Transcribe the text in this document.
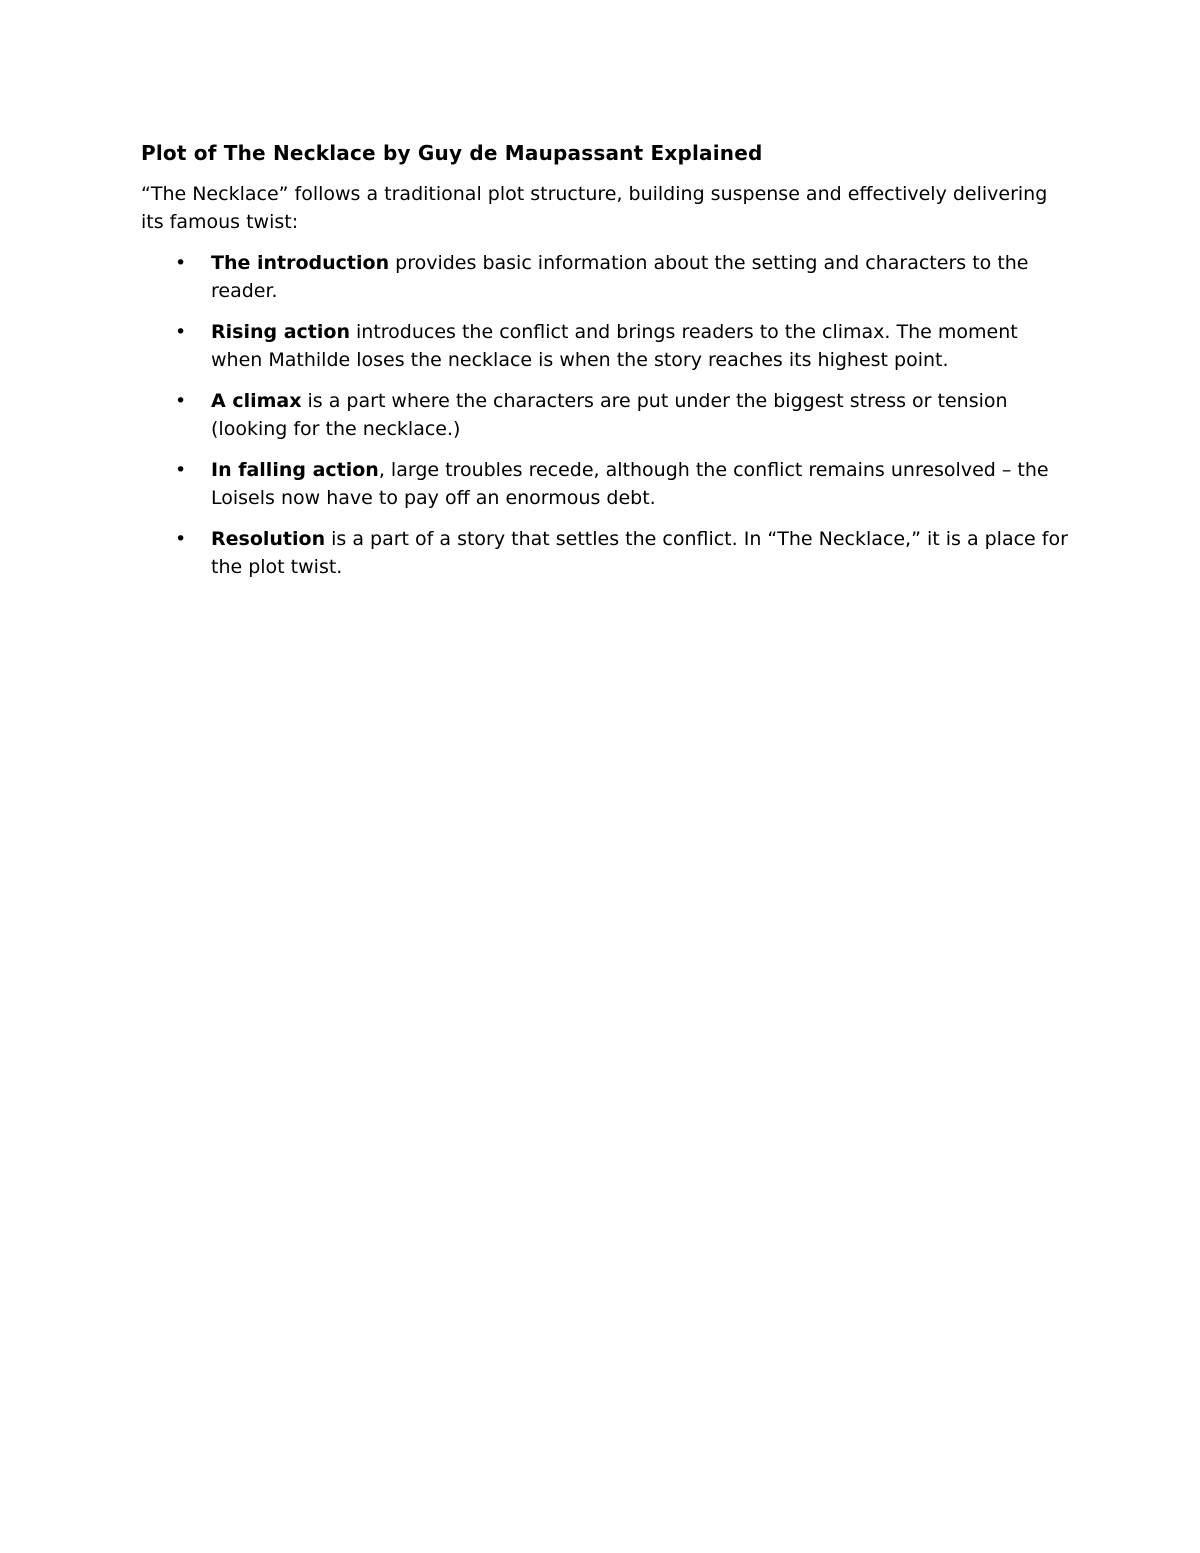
Plot of The Necklace by Guy de Maupassant Explained
“The Necklace” follows a traditional plot structure, building suspense and effectively delivering its famous twist:
• The introduction provides basic information about the setting and characters to the reader.
• Rising action introduces the conflict and brings readers to the climax. The moment when Mathilde loses the necklace is when the story reaches its highest point.
• A climax is a part where the characters are put under the biggest stress or tension (looking for the necklace.)
• In falling action, large troubles recede, although the conflict remains unresolved – the Loisels now have to pay off an enormous debt.
• Resolution is a part of a story that settles the conflict. In “The Necklace,” it is a place for the plot twist.
